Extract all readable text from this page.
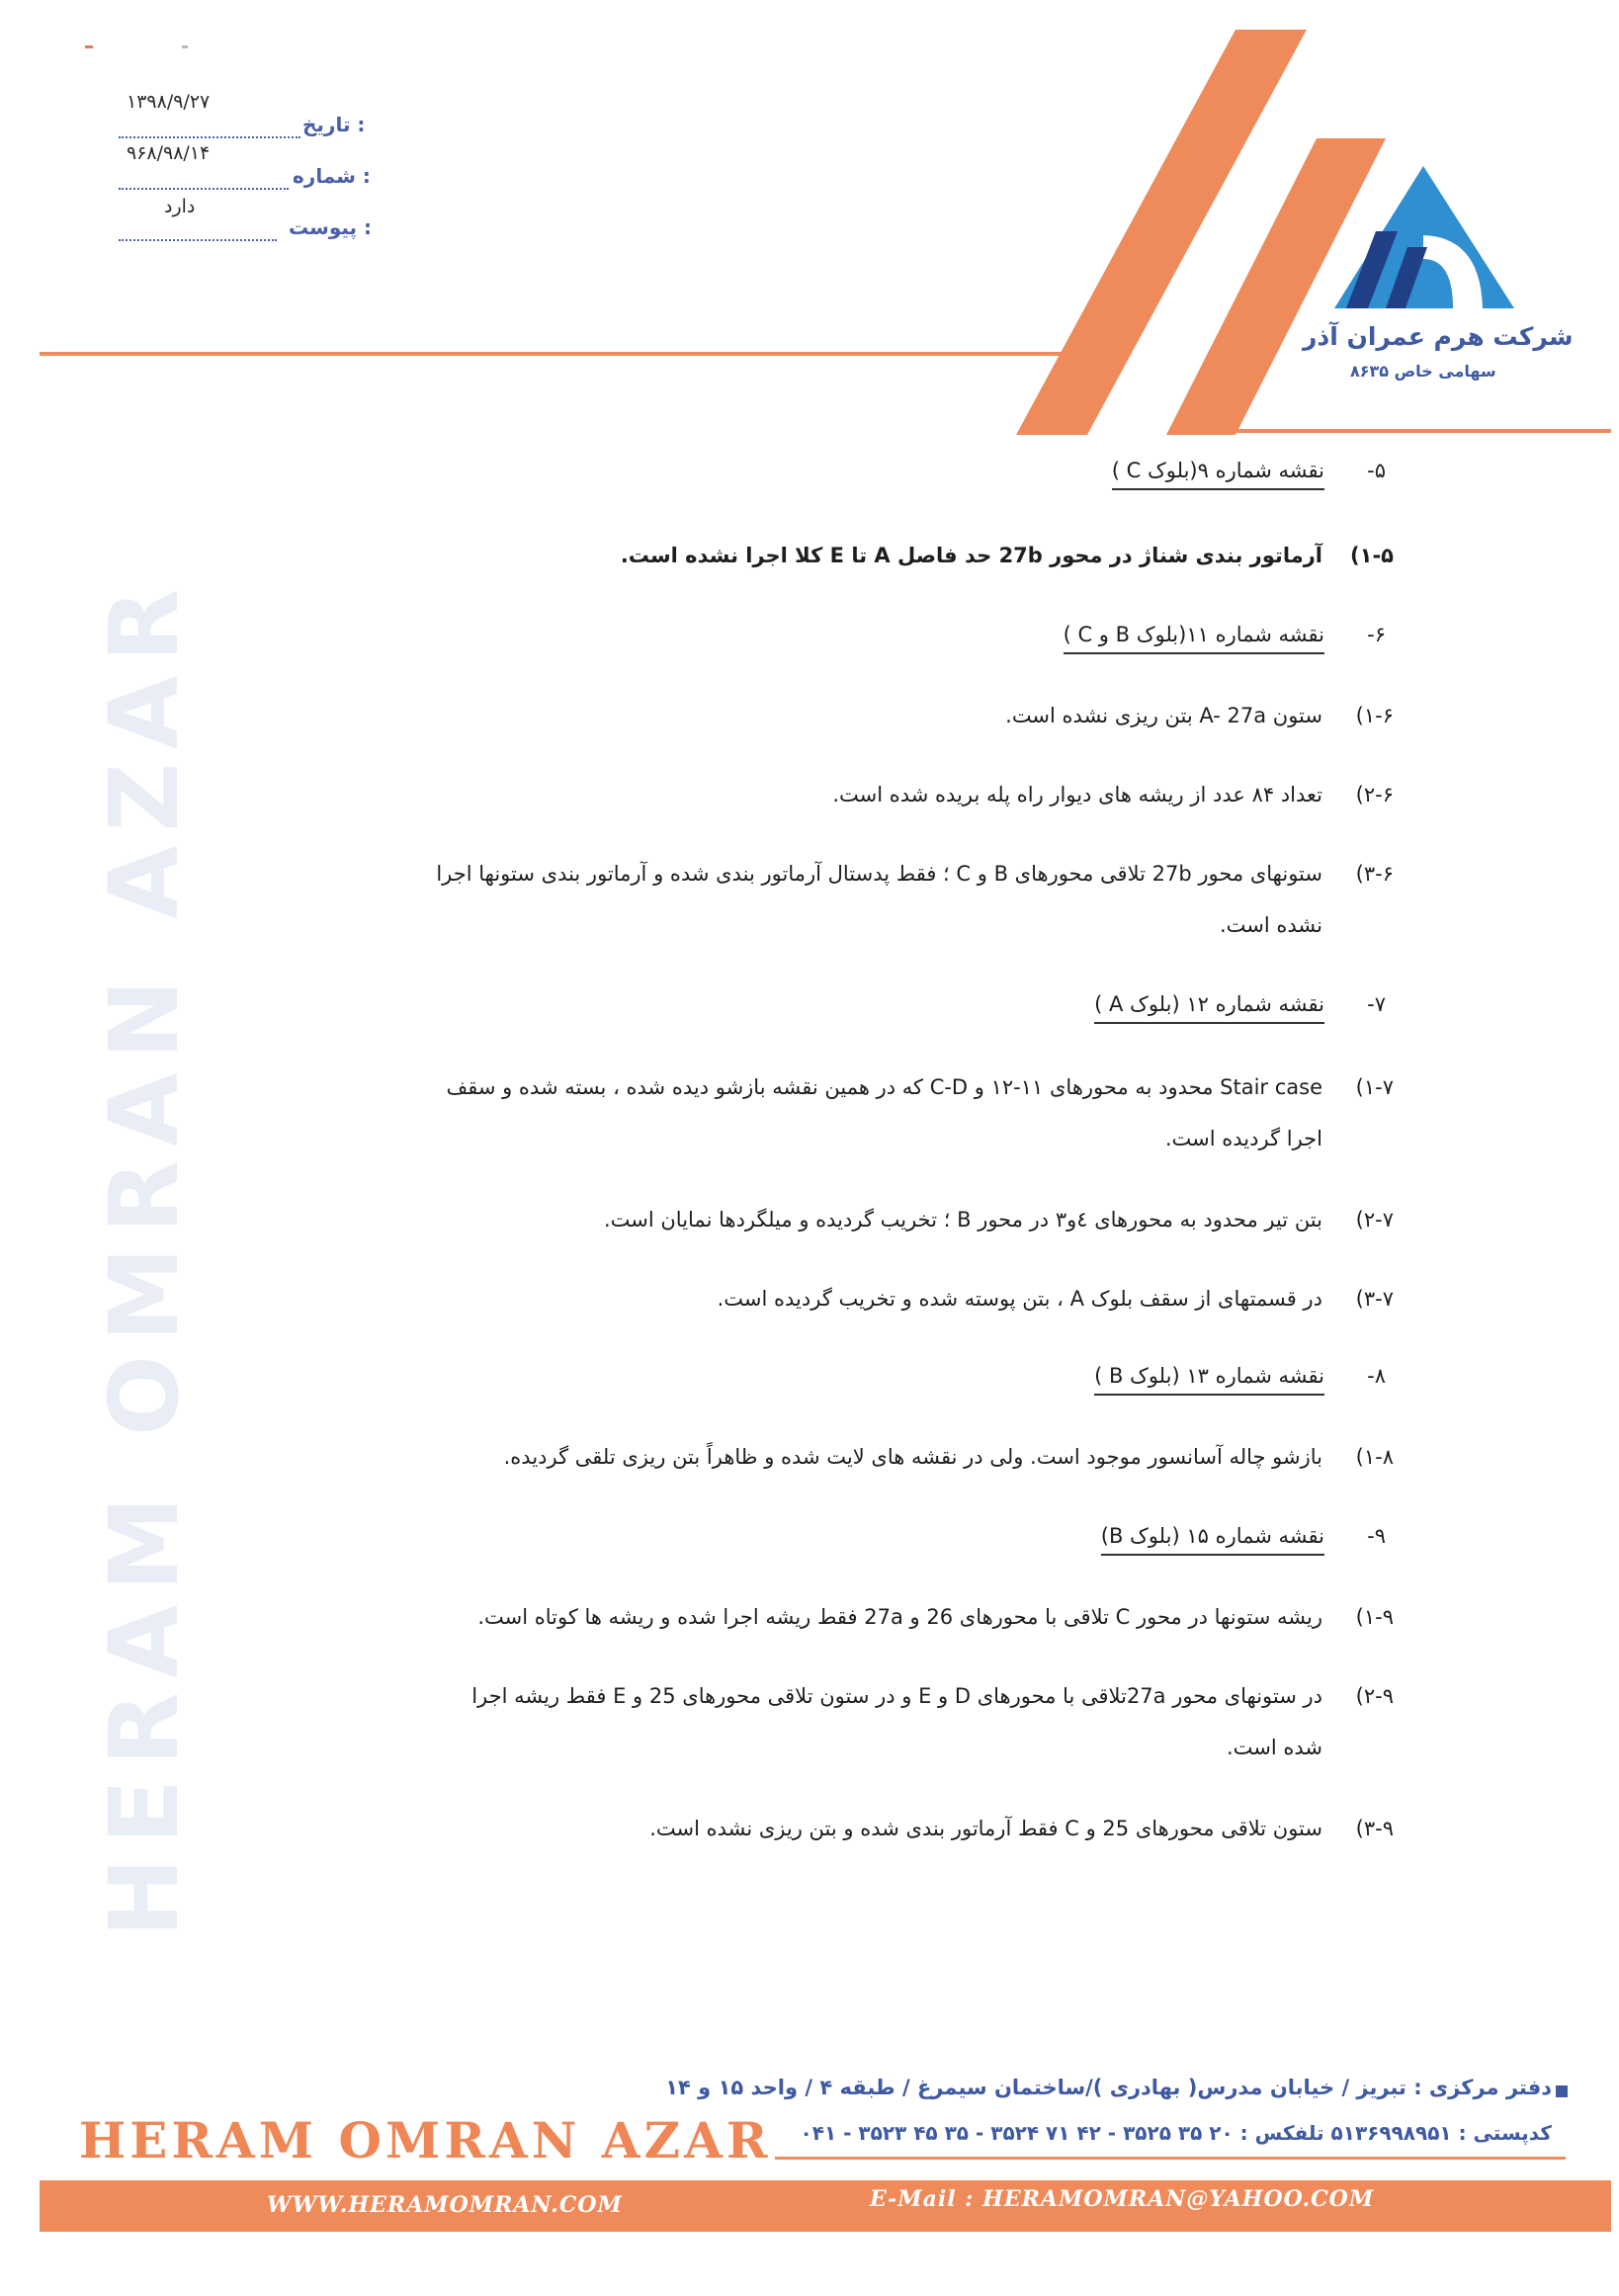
HERAM OMRAN AZAR
۱۳۹۸/۹/۲۷
تاریخ :
۹۶۸/۹۸/۱۴
شماره :
دارد
پیوست :
شرکت هرم عمران آذر
سهامی خاص ۸۶۳۵
۵-نقشه شماره ۹(بلوک C )
۱-۵)آرماتور بندی شناژ در محور 27b حد فاصل A تا E کلا اجرا نشده است.
۶-نقشه شماره ۱۱(بلوک B و C )
۱-۶)ستون A- 27a بتن ریزی نشده است.
۲-۶)تعداد ۸۴ عدد از ریشه های دیوار راه پله بریده شده است.
۳-۶)ستونهای محور 27b تلاقی محورهای B و C ؛ فقط پدستال آرماتور بندی شده و آرماتور بندی ستونها اجرا
نشده است.
۷-نقشه شماره ۱۲ (بلوک A )
۱-۷)Stair case محدود به محورهای ۱۱-۱۲ و C-D که در همین نقشه بازشو دیده شده ، بسته شده و سقف
اجرا گردیده است.
۲-۷)بتن تیر محدود به محورهای ٤و۳ در محور B ؛ تخریب گردیده و میلگردها نمایان است.
۳-۷)در قسمتهای از سقف بلوک A ، بتن پوسته شده و تخریب گردیده است.
۸-نقشه شماره ۱۳ (بلوک B )
۱-۸)بازشو چاله آسانسور موجود است. ولی در نقشه های لایت شده و ظاهراً بتن ریزی تلقی گردیده.
۹-نقشه شماره ۱۵ (بلوک B)
۱-۹)ریشه ستونها در محور C تلاقی با محورهای 26 و 27a فقط ریشه اجرا شده و ریشه ها کوتاه است.
۲-۹)در ستونهای محور 27aتلاقی با محورهای D و E و در ستون تلاقی محورهای 25 و E فقط ریشه اجرا
شده است.
۳-۹)ستون تلاقی محورهای 25 و C فقط آرماتور بندی شده و بتن ریزی نشده است.
دفتر مرکزی : تبریز / خیابان مدرس( بهادری )/ساختمان سیمرغ / طبقه ۴ / واحد ۱۵ و ۱۴
کدپستی : ۵۱۳۶۹۹۸۹۵۱ تلفکس : ۲۰ ۳۵ ۳۵۲۵ - ۴۲ ۷۱ ۳۵۲۴ - ۳۵ ۴۵ ۳۵۲۳ - ۰۴۱
HERAM OMRAN AZAR
WWW.HERAMOMRAN.COM	E-Mail : HERAMOMRAN@YAHOO.COM
